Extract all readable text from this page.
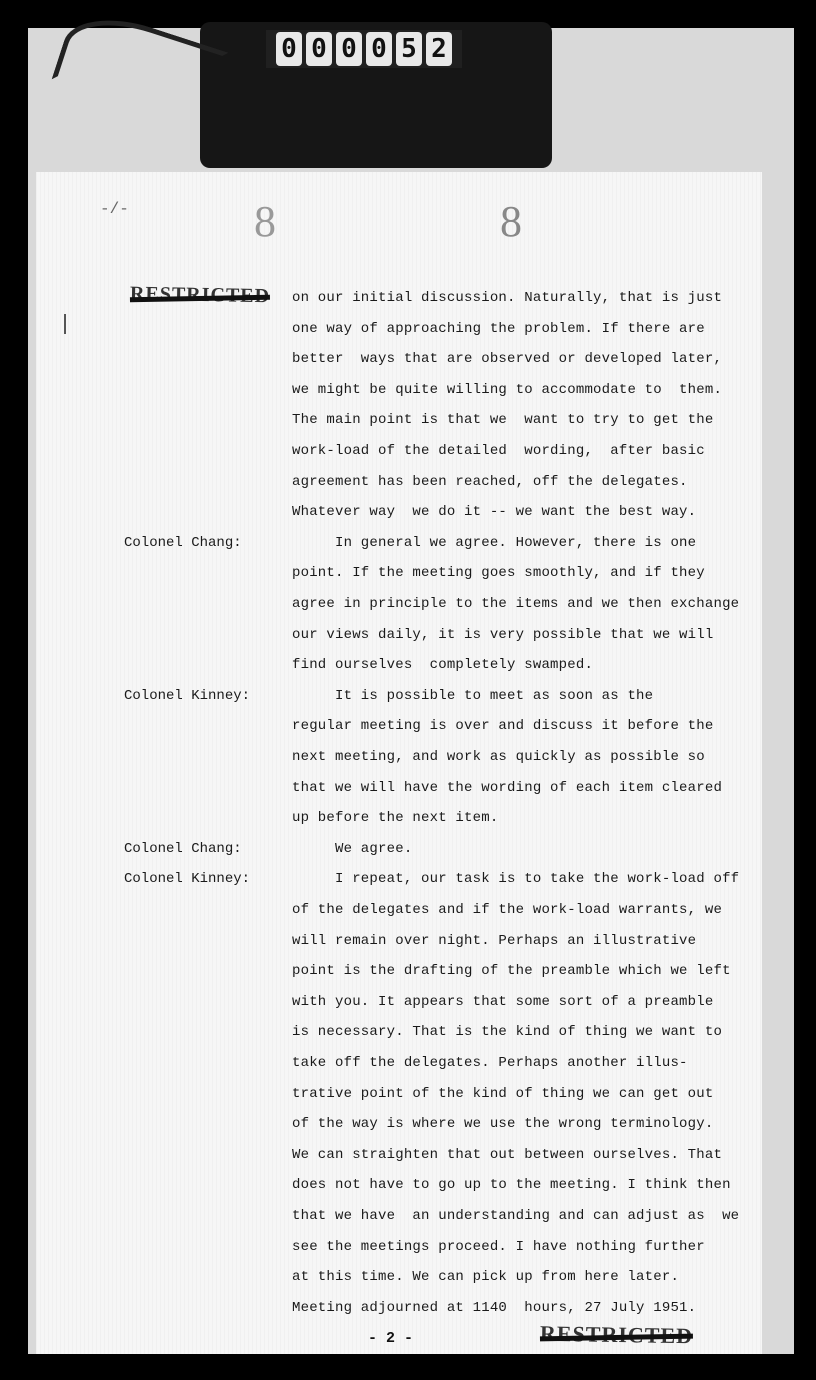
0 0 0 0 5 2
-/-	8	8
RESTRICTED on our initial discussion. Naturally, that is just
one way of approaching the problem. If there are
better  ways that are observed or developed later,
we might be quite willing to accommodate to  them.
The main point is that we  want to try to get the
work-load of the detailed  wording,  after basic
agreement has been reached, off the delegates.
Whatever way  we do it -- we want the best way.
Colonel Chang:	In general we agree. However, there is one
point. If the meeting goes smoothly, and if they
agree in principle to the items and we then exchange
our views daily, it is very possible that we will
find ourselves  completely swamped.
Colonel Kinney:	It is possible to meet as soon as the
regular meeting is over and discuss it before the
next meeting, and work as quickly as possible so
that we will have the wording of each item cleared
up before the next item.
Colonel Chang:	We agree.
Colonel Kinney:	I repeat, our task is to take the work-load off
of the delegates and if the work-load warrants, we
will remain over night. Perhaps an illustrative
point is the drafting of the preamble which we left
with you. It appears that some sort of a preamble
is necessary. That is the kind of thing we want to
take off the delegates. Perhaps another illus-
trative point of the kind of thing we can get out
of the way is where we use the wrong terminology.
We can straighten that out between ourselves. That
does not have to go up to the meeting. I think then
that we have  an understanding and can adjust as  we
see the meetings proceed. I have nothing further
at this time. We can pick up from here later.
Meeting adjourned at 1140  hours, 27 July 1951.
- 2 -	RESTRICTED
